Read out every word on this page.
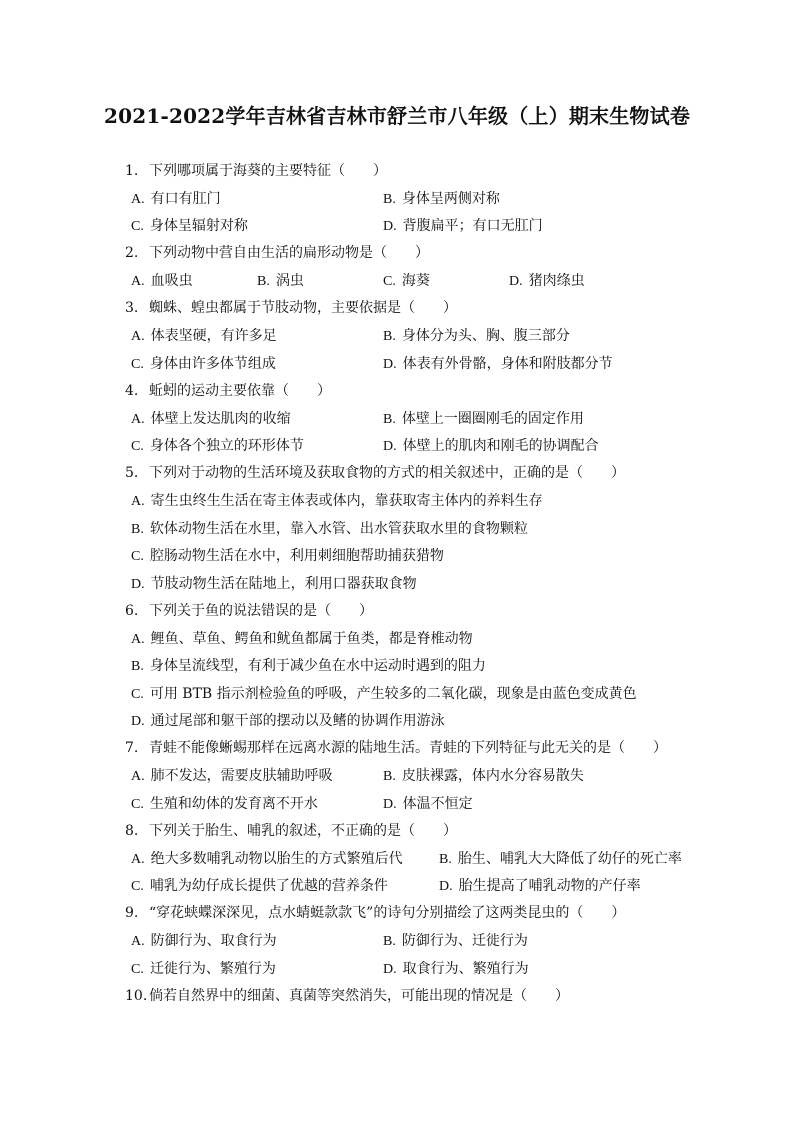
2021-2022学年吉林省吉林市舒兰市八年级（上）期末生物试卷
1. 下列哪项属于海葵的主要特征（　　）
A. 有口有肛门	B. 身体呈两侧对称
C. 身体呈辐射对称	D. 背腹扁平；有口无肛门
2. 下列动物中营自由生活的扁形动物是（　　）
A. 血吸虫	B. 涡虫	C. 海葵	D. 猪肉绦虫
3. 蜘蛛、蝗虫都属于节肢动物，主要依据是（　　）
A. 体表坚硬，有许多足	B. 身体分为头、胸、腹三部分
C. 身体由许多体节组成	D. 体表有外骨骼，身体和附肢都分节
4. 蚯蚓的运动主要依靠（　　）
A. 体壁上发达肌肉的收缩	B. 体壁上一圈圈刚毛的固定作用
C. 身体各个独立的环形体节	D. 体壁上的肌肉和刚毛的协调配合
5. 下列对于动物的生活环境及获取食物的方式的相关叙述中，正确的是（　　）
A. 寄生虫终生生活在寄主体表或体内，靠获取寄主体内的养料生存
B. 软体动物生活在水里，靠入水管、出水管获取水里的食物颗粒
C. 腔肠动物生活在水中，利用刺细胞帮助捕获猎物
D. 节肢动物生活在陆地上，利用口器获取食物
6. 下列关于鱼的说法错误的是（　　）
A. 鲤鱼、草鱼、鳄鱼和鱿鱼都属于鱼类，都是脊椎动物
B. 身体呈流线型，有利于减少鱼在水中运动时遇到的阻力
C. 可用 BTB 指示剂检验鱼的呼吸，产生较多的二氧化碳，现象是由蓝色变成黄色
D. 通过尾部和躯干部的摆动以及鳍的协调作用游泳
7. 青蛙不能像蜥蜴那样在远离水源的陆地生活。青蛙的下列特征与此无关的是（　　）
A. 肺不发达，需要皮肤辅助呼吸	B. 皮肤裸露，体内水分容易散失
C. 生殖和幼体的发育离不开水	D. 体温不恒定
8. 下列关于胎生、哺乳的叙述，不正确的是（　　）
A. 绝大多数哺乳动物以胎生的方式繁殖后代	B. 胎生、哺乳大大降低了幼仔的死亡率
C. 哺乳为幼仔成长提供了优越的营养条件	D. 胎生提高了哺乳动物的产仔率
9. “穿花蛱蝶深深见，点水蜻蜓款款飞”的诗句分别描绘了这两类昆虫的（　　）
A. 防御行为、取食行为	B. 防御行为、迁徙行为
C. 迁徙行为、繁殖行为	D. 取食行为、繁殖行为
10. 倘若自然界中的细菌、真菌等突然消失，可能出现的情况是（　　）
